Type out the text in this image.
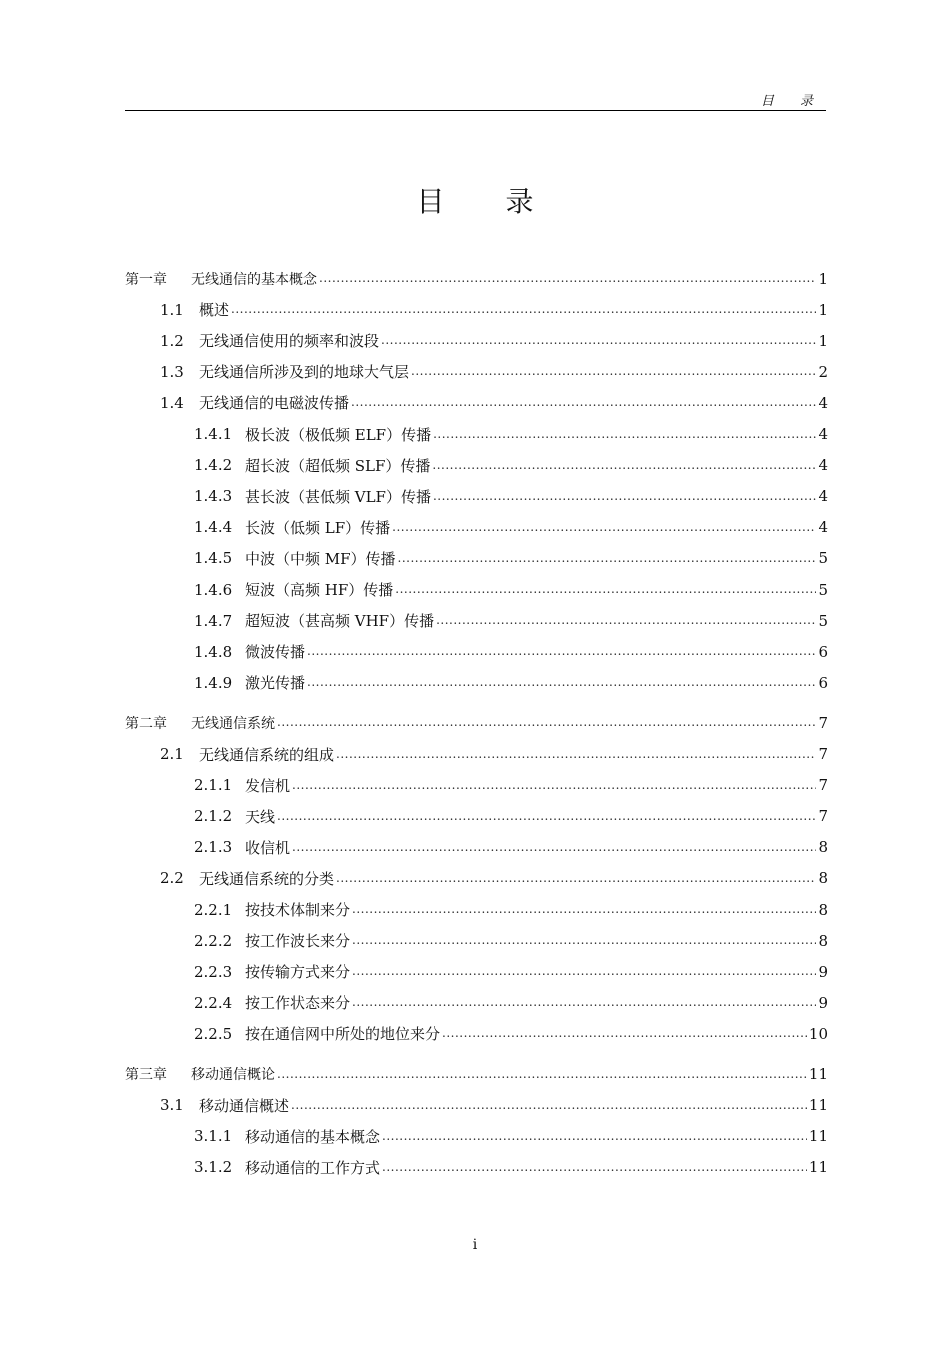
目 录
目 录
第一章	无线通信的基本概念 .....	1
1.1	概述 .....	1
1.2	无线通信使用的频率和波段 .....	1
1.3	无线通信所涉及到的地球大气层 .....	2
1.4	无线通信的电磁波传播 .....	4
1.4.1 极长波（极低频 ELF）传播 .....	4
1.4.2 超长波（超低频 SLF）传播 .....	4
1.4.3 甚长波（甚低频 VLF）传播 .....	4
1.4.4 长波（低频 LF）传播 .....	4
1.4.5 中波（中频 MF）传播 .....	5
1.4.6 短波（高频 HF）传播 .....	5
1.4.7 超短波（甚高频 VHF）传播 .....	5
1.4.8 微波传播 .....	6
1.4.9 激光传播 .....	6
第二章	无线通信系统 .....	7
2.1	无线通信系统的组成 .....	7
2.1.1 发信机 .....	7
2.1.2 天线 .....	7
2.1.3 收信机 .....	8
2.2	无线通信系统的分类 .....	8
2.2.1 按技术体制来分 .....	8
2.2.2 按工作波长来分 .....	8
2.2.3 按传输方式来分 .....	9
2.2.4 按工作状态来分 .....	9
2.2.5 按在通信网中所处的地位来分 .....	10
第三章	移动通信概论 .....	11
3.1	移动通信概述 .....	11
3.1.1 移动通信的基本概念 .....	11
3.1.2 移动通信的工作方式 .....	11
i
